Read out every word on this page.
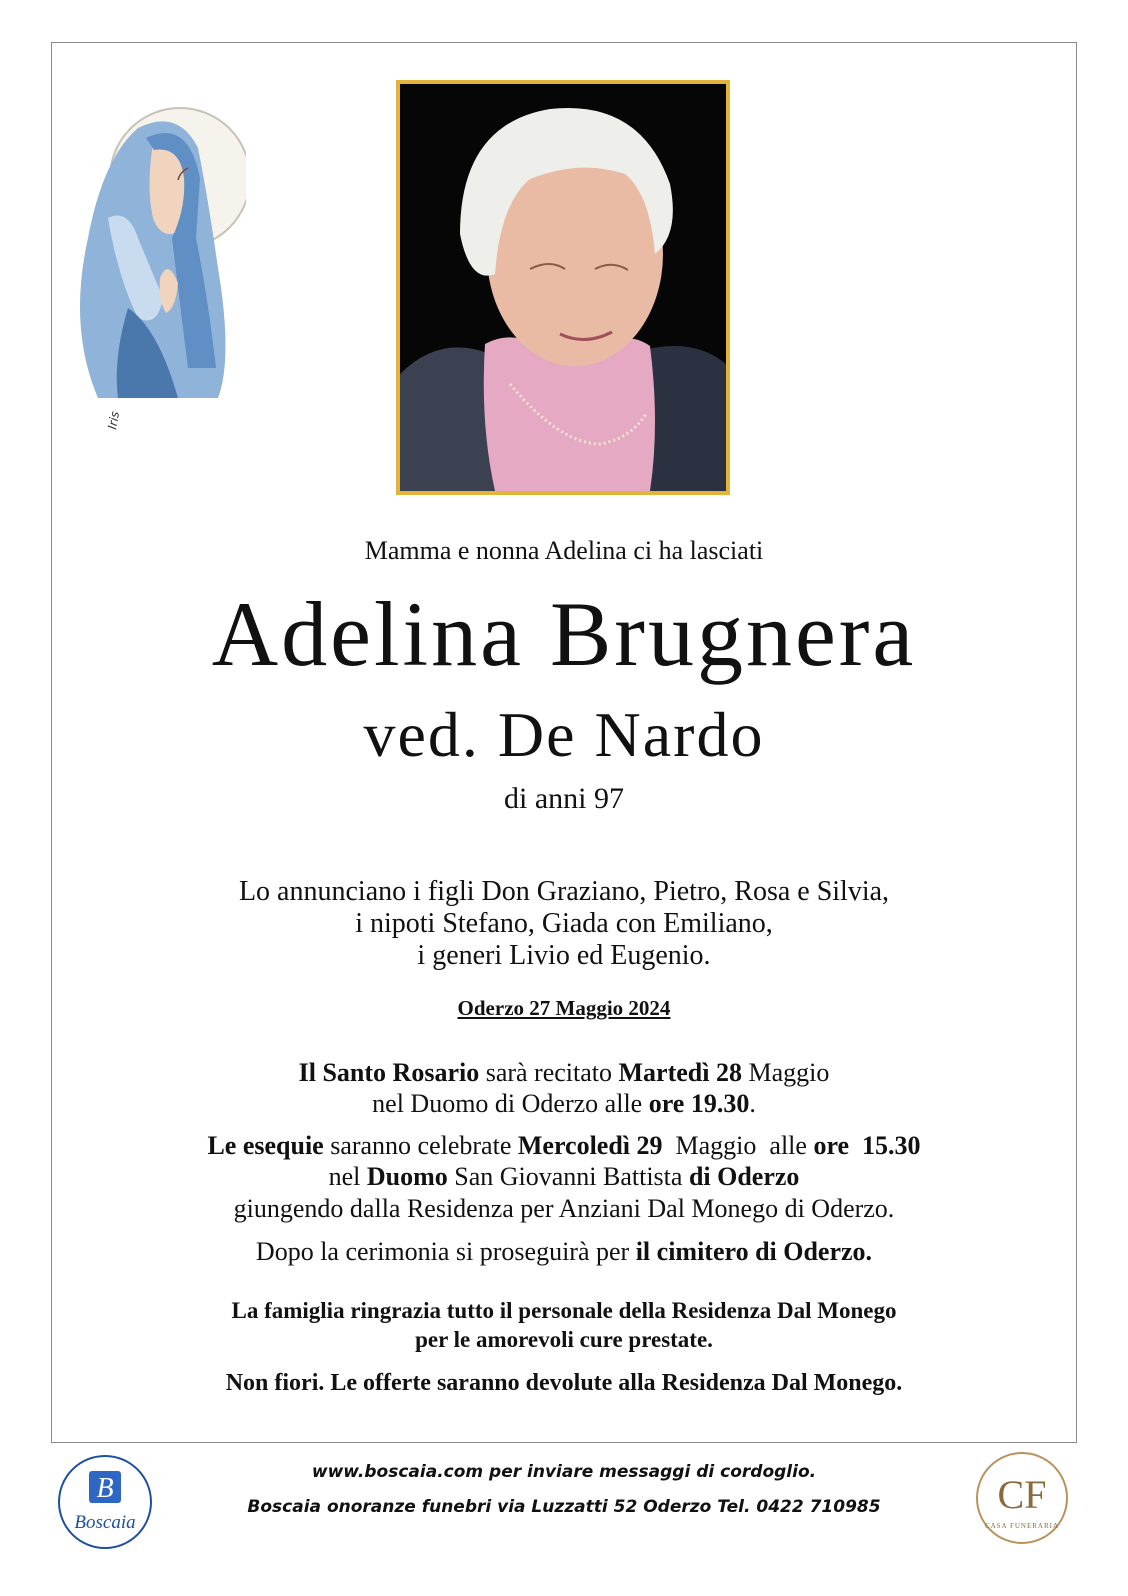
Iris
Mamma e nonna Adelina ci ha lasciati
Adelina Brugnera
ved. De Nardo
di anni 97
Lo annunciano i figli Don Graziano, Pietro, Rosa e Silvia,
i nipoti Stefano, Giada con Emiliano,
i generi Livio ed Eugenio.
Oderzo 27 Maggio 2024
Il Santo Rosario sarà recitato Martedì 28 Maggio
nel Duomo di Oderzo alle ore 19.30.
Le esequie saranno celebrate Mercoledì 29  Maggio  alle ore  15.30
nel Duomo San Giovanni Battista di Oderzo
giungendo dalla Residenza per Anziani Dal Monego di Oderzo.
Dopo la cerimonia si proseguirà per il cimitero di Oderzo.
La famiglia ringrazia tutto il personale della Residenza Dal Monego
per le amorevoli cure prestate.
Non fiori. Le offerte saranno devolute alla Residenza Dal Monego.
B
Boscaia
www.boscaia.com per inviare messaggi di cordoglio.
Boscaia onoranze funebri via Luzzatti 52 Oderzo Tel. 0422 710985	CF
CASA FUNERARIA
